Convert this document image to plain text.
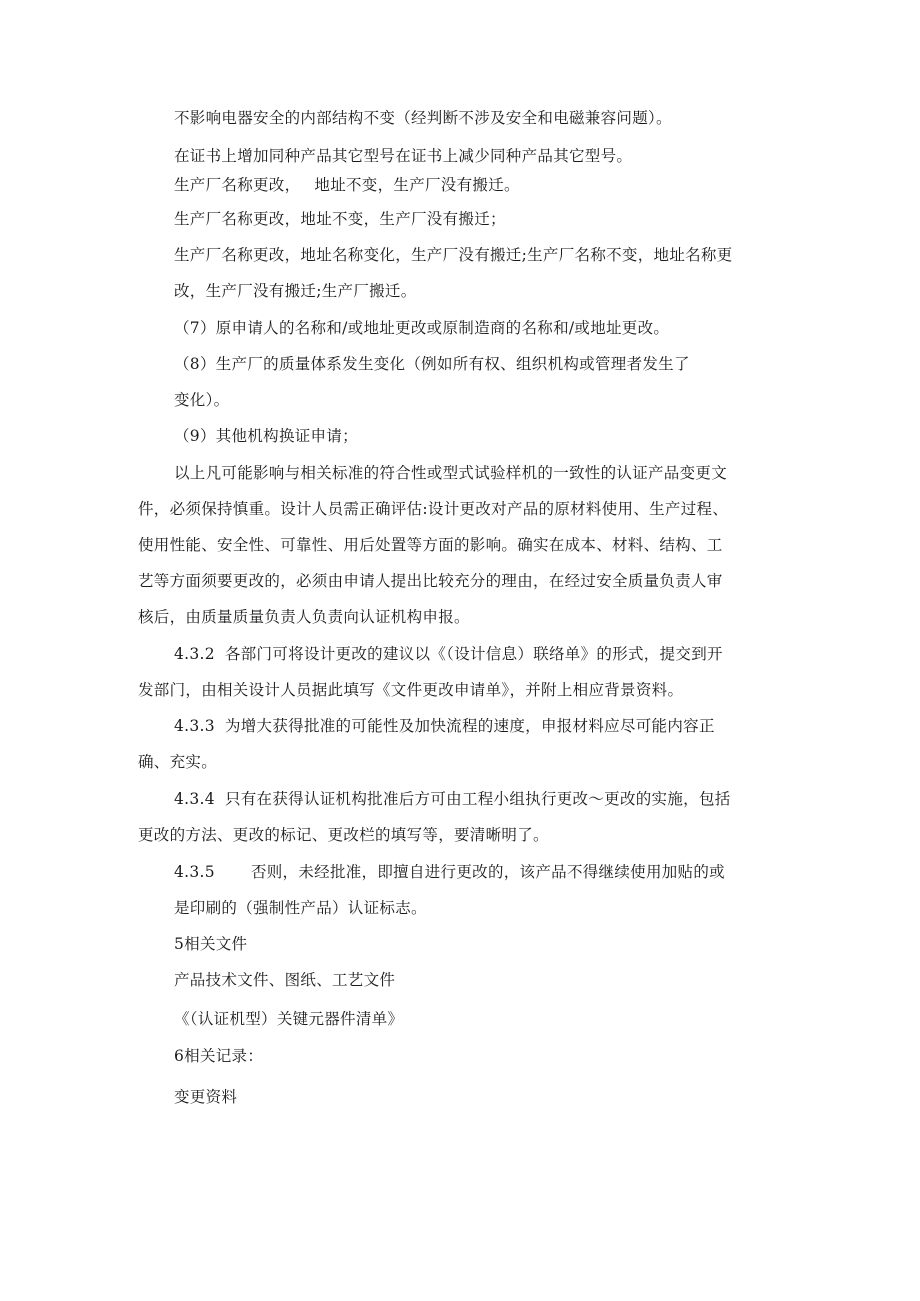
不影响电器安全的内部结构不变（经判断不涉及安全和电磁兼容问题）。
在证书上增加同种产品其它型号在证书上减少同种产品其它型号。
生产厂名称更改， 地址不变，生产厂没有搬迁。
生产厂名称更改，地址不变，生产厂没有搬迁；
生产厂名称更改，地址名称变化，生产厂没有搬迁;生产厂名称不变，地址名称更
改，生产厂没有搬迁;生产厂搬迁。
（7）原申请人的名称和/或地址更改或原制造商的名称和/或地址更改。
（8）生产厂的质量体系发生变化（例如所有权、组织机构或管理者发生了
变化）。
（9）其他机构换证申请；
以上凡可能影响与相关标准的符合性或型式试验样机的一致性的认证产品变更文
件，必须保持慎重。设计人员需正确评估:设计更改对产品的原材料使用、生产过程、
使用性能、安全性、可靠性、用后处置等方面的影响。确实在成本、材料、结构、工
艺等方面须要更改的，必须由申请人提出比较充分的理由，在经过安全质量负责人审
核后，由质量质量负责人负责向认证机构申报。
4.3.2 各部门可将设计更改的建议以《（设计信息）联络单》的形式，提交到开
发部门，由相关设计人员据此填写《文件更改申请单》，并附上相应背景资料。
4.3.3 为增大获得批准的可能性及加快流程的速度，申报材料应尽可能内容正
确、充实。
4.3.4 只有在获得认证机构批准后方可由工程小组执行更改～更改的实施，包括
更改的方法、更改的标记、更改栏的填写等，要清晰明了。
4.3.5 否则，未经批准，即擅自进行更改的，该产品不得继续使用加贴的或
是印刷的（强制性产品）认证标志。
5相关文件
产品技术文件、图纸、工艺文件
《（认证机型）关键元器件清单》
6相关记录：
变更资料
